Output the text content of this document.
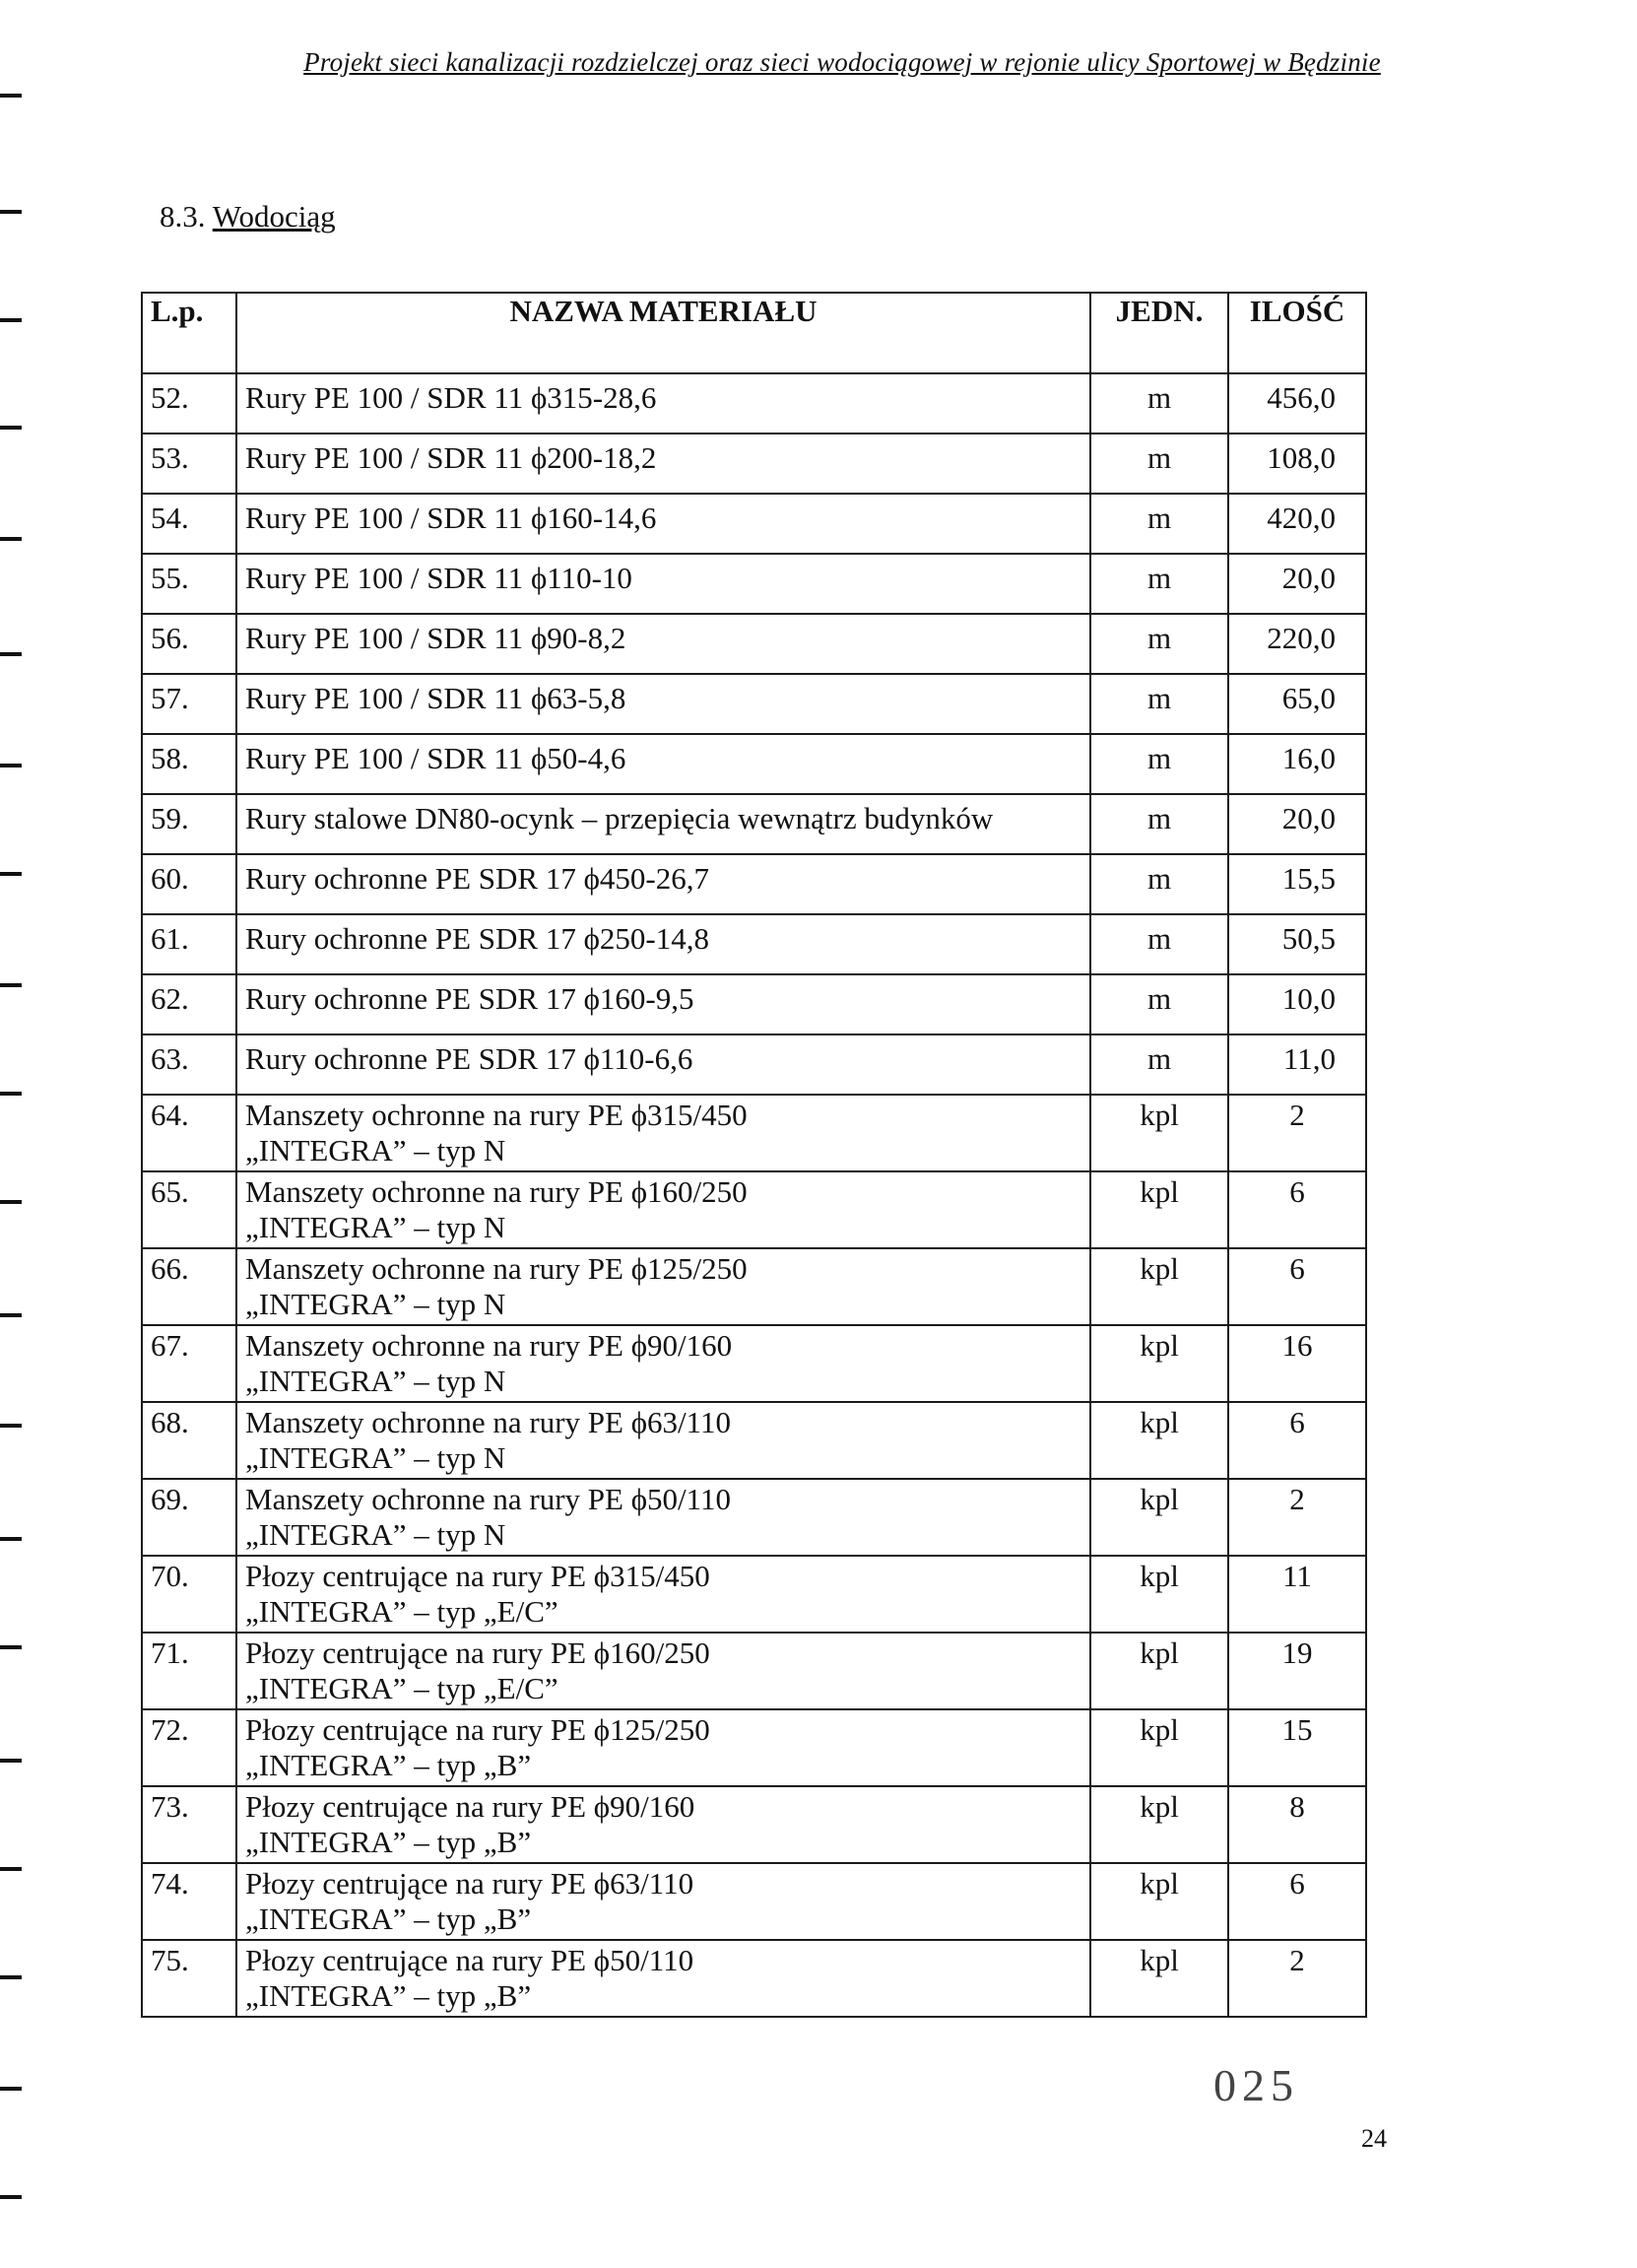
Projekt sieci kanalizacji rozdzielczej oraz sieci wodociągowej w rejonie ulicy Sportowej w Będzinie
8.3. Wodociąg
L.p.	NAZWA MATERIAŁU	JEDN.	ILOŚĆ
52.	Rury PE 100 / SDR 11 ϕ315-28,6	m	456,0
53.	Rury PE 100 / SDR 11 ϕ200-18,2	m	108,0
54.	Rury PE 100 / SDR 11 ϕ160-14,6	m	420,0
55.	Rury PE 100 / SDR 11 ϕ110-10	m	20,0
56.	Rury PE 100 / SDR 11 ϕ90-8,2	m	220,0
57.	Rury PE 100 / SDR 11 ϕ63-5,8	m	65,0
58.	Rury PE 100 / SDR 11 ϕ50-4,6	m	16,0
59.	Rury stalowe DN80-ocynk – przepięcia wewnątrz budynków	m	20,0
60.	Rury ochronne PE SDR 17 ϕ450-26,7	m	15,5
61.	Rury ochronne PE SDR 17 ϕ250-14,8	m	50,5
62.	Rury ochronne PE SDR 17 ϕ160-9,5	m	10,0
63.	Rury ochronne PE SDR 17 ϕ110-6,6	m	11,0
64.	Manszety ochronne na rury PE ϕ315/450
„INTEGRA” – typ N	kpl	2
65.	Manszety ochronne na rury PE ϕ160/250
„INTEGRA” – typ N	kpl	6
66.	Manszety ochronne na rury PE ϕ125/250
„INTEGRA” – typ N	kpl	6
67.	Manszety ochronne na rury PE ϕ90/160
„INTEGRA” – typ N	kpl	16
68.	Manszety ochronne na rury PE ϕ63/110
„INTEGRA” – typ N	kpl	6
69.	Manszety ochronne na rury PE ϕ50/110
„INTEGRA” – typ N	kpl	2
70.	Płozy centrujące na rury PE ϕ315/450
„INTEGRA” – typ „E/C”	kpl	11
71.	Płozy centrujące na rury PE ϕ160/250
„INTEGRA” – typ „E/C”	kpl	19
72.	Płozy centrujące na rury PE ϕ125/250
„INTEGRA” – typ „B”	kpl	15
73.	Płozy centrujące na rury PE ϕ90/160
„INTEGRA” – typ „B”	kpl	8
74.	Płozy centrujące na rury PE ϕ63/110
„INTEGRA” – typ „B”	kpl	6
75.	Płozy centrujące na rury PE ϕ50/110
„INTEGRA” – typ „B”	kpl	2
025
24
